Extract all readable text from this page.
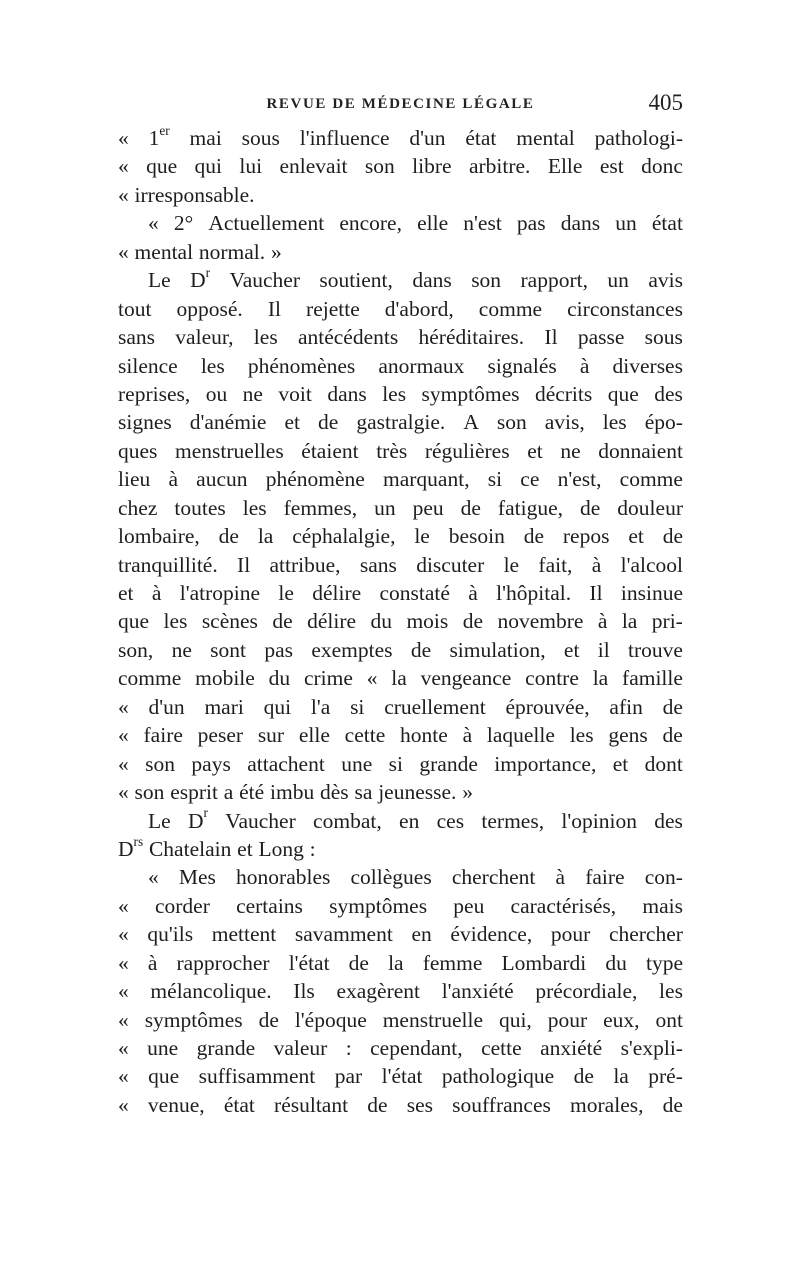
REVUE DE MÉDECINE LÉGALE	405
« 1er mai sous l'influence d'un état mental pathologi-
« que qui lui enlevait son libre arbitre. Elle est donc
« irresponsable.
« 2° Actuellement encore, elle n'est pas dans un état
« mental normal. »
Le $D^r$ Vaucher soutient, dans son rapport, un avis
tout opposé. Il rejette d'abord, comme circonstances
sans valeur, les antécédents héréditaires. Il passe sous
silence les phénomènes anormaux signalés à diverses
reprises, ou ne voit dans les symptômes décrits que des
signes d'anémie et de gastralgie. A son avis, les épo-
ques menstruelles étaient très régulières et ne donnaient
lieu à aucun phénomène marquant, si ce n'est, comme
chez toutes les femmes, un peu de fatigue, de douleur
lombaire, de la céphalalgie, le besoin de repos et de
tranquillité. Il attribue, sans discuter le fait, à l'alcool
et à l'atropine le délire constaté à l'hôpital. Il insinue
que les scènes de délire du mois de novembre à la pri-
son, ne sont pas exemptes de simulation, et il trouve
comme mobile du crime « la vengeance contre la famille
« d'un mari qui l'a si cruellement éprouvée, afin de
« faire peser sur elle cette honte à laquelle les gens de
« son pays attachent une si grande importance, et dont
« son esprit a été imbu dès sa jeunesse. »
Le $D^r$ Vaucher combat, en ces termes, l'opinion des
$D^{rs}$ Chatelain et Long :
« Mes honorables collègues cherchent à faire con-
« corder certains symptômes peu caractérisés, mais
« qu'ils mettent savamment en évidence, pour chercher
« à rapprocher l'état de la femme Lombardi du type
« mélancolique. Ils exagèrent l'anxiété précordiale, les
« symptômes de l'époque menstruelle qui, pour eux, ont
« une grande valeur : cependant, cette anxiété s'expli-
« que suffisamment par l'état pathologique de la pré-
« venue, état résultant de ses souffrances morales, de
